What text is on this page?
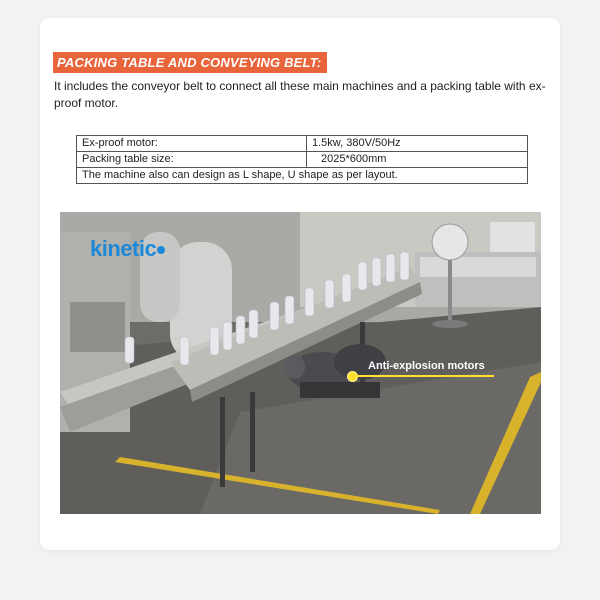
PACKING TABLE AND CONVEYING BELT:
It includes the conveyor belt to connect all these main machines and a packing table with ex-proof motor.
Ex-proof motor:	1.5kw, 380V/50Hz
Packing table size:	2025*600mm
The machine also can design as L shape, U shape as per layout.	
kinetic
Anti-explosion motors
